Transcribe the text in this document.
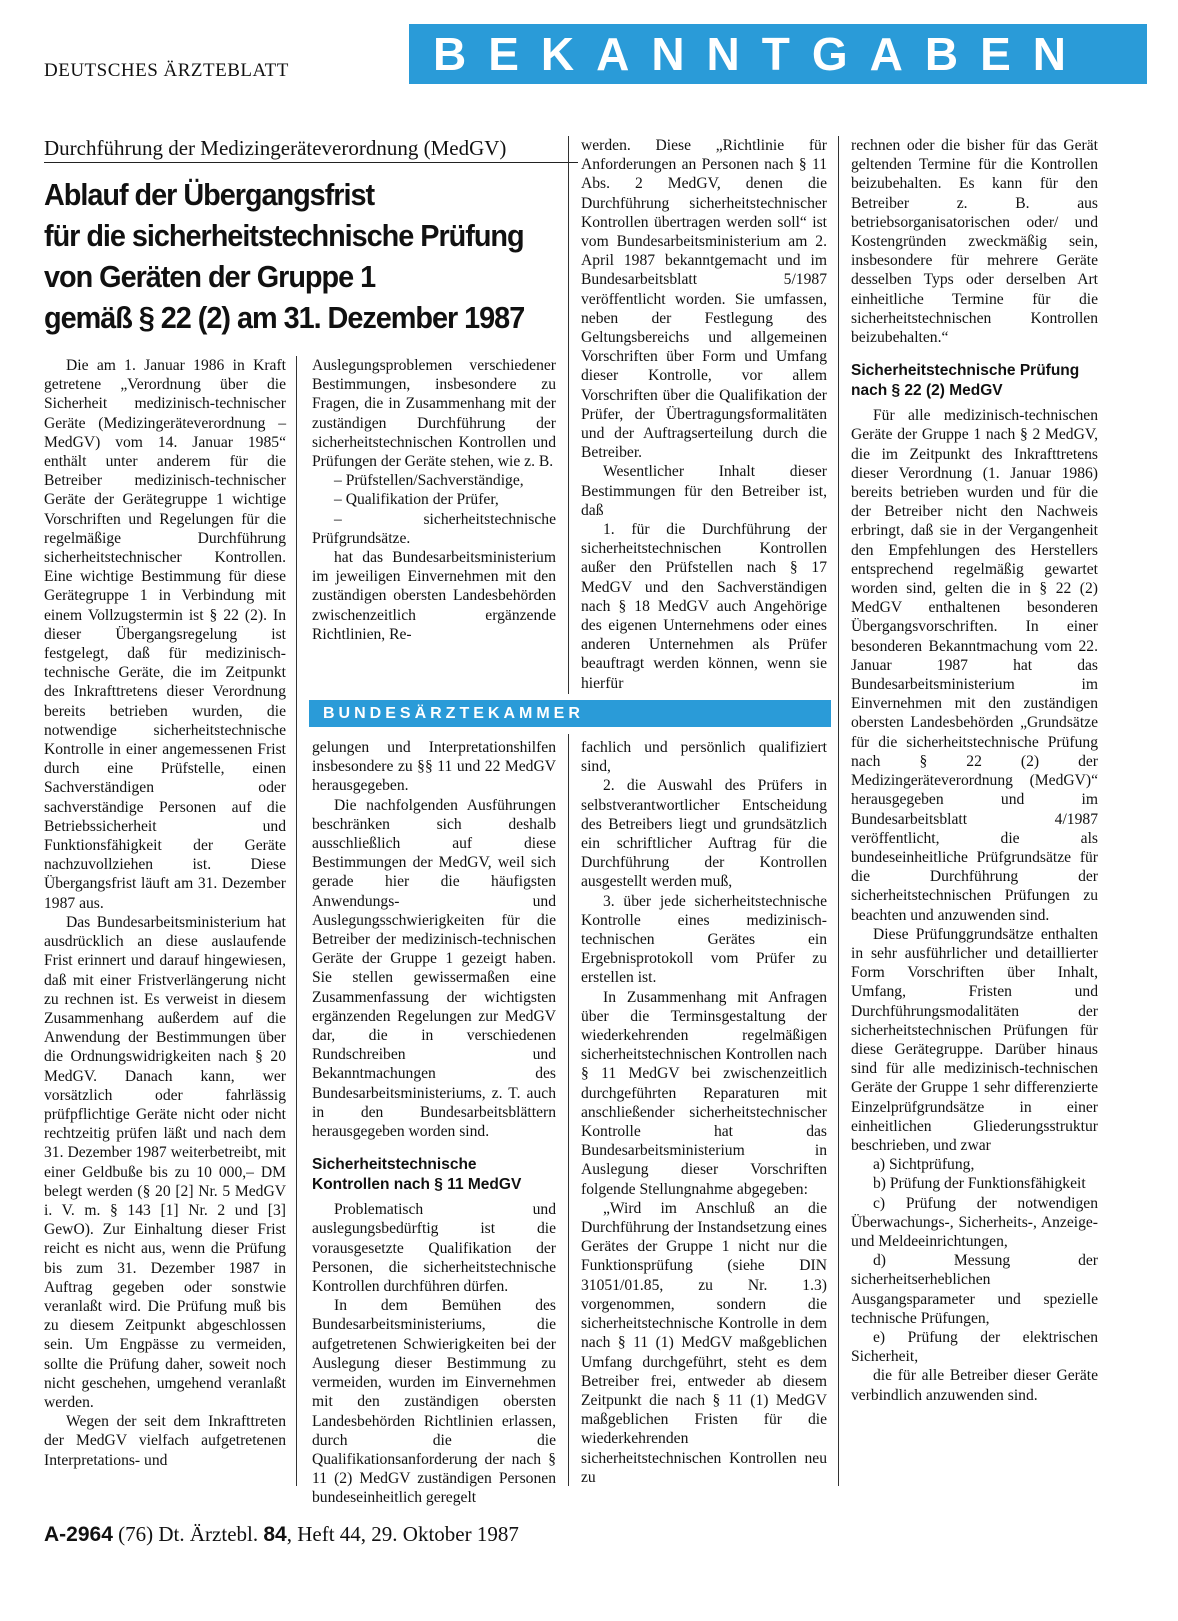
DEUTSCHES ÄRZTEBLATT	BEKANNTGABEN
Durchführung der Medizingeräteverordnung (MedGV)
Ablauf der Übergangsfrist
für die sicherheitstechnische Prüfung
von Geräten der Gruppe 1
gemäß § 22 (2) am 31. Dezember 1987

Die am 1. Januar 1986 in Kraft getretene „Verordnung über die Sicherheit medizinisch-technischer Geräte (Medizingeräteverordnung – MedGV) vom 14. Januar 1985“ enthält unter anderem für die Betreiber medizinisch-technischer Geräte der Gerätegruppe 1 wichtige Vorschriften und Regelungen für die regelmäßige Durchführung sicherheitstechnischer Kontrollen. Eine wichtige Bestimmung für diese Gerätegruppe 1 in Verbindung mit einem Vollzugstermin ist § 22 (2). In dieser Übergangsregelung ist festgelegt, daß für medizinisch-technische Geräte, die im Zeitpunkt des Inkrafttretens dieser Verordnung bereits betrieben wurden, die notwendige sicherheitstechnische Kontrolle in einer angemessenen Frist durch eine Prüfstelle, einen Sachverständigen oder sachverständige Personen auf die Betriebssicherheit und Funktionsfähigkeit der Geräte nachzuvollziehen ist. Diese Übergangsfrist läuft am 31. Dezember 1987 aus.

Das Bundesarbeitsministerium hat ausdrücklich an diese auslaufende Frist erinnert und darauf hingewiesen, daß mit einer Fristverlängerung nicht zu rechnen ist. Es verweist in diesem Zusammenhang außerdem auf die Anwendung der Bestimmungen über die Ordnungswidrigkeiten nach § 20 MedGV. Danach kann, wer vorsätzlich oder fahrlässig prüfpflichtige Geräte nicht oder nicht rechtzeitig prüfen läßt und nach dem 31. Dezember 1987 weiterbetreibt, mit einer Geldbuße bis zu 10 000,– DM belegt werden (§ 20 [2] Nr. 5 MedGV i. V. m. § 143 [1] Nr. 2 und [3] GewO). Zur Einhaltung dieser Frist reicht es nicht aus, wenn die Prüfung bis zum 31. Dezember 1987 in Auftrag gegeben oder sonstwie veranlaßt wird. Die Prüfung muß bis zu diesem Zeitpunkt abgeschlossen sein. Um Engpässe zu vermeiden, sollte die Prüfung daher, soweit noch nicht geschehen, umgehend veranlaßt werden.

Wegen der seit dem Inkrafttreten der MedGV vielfach aufgetretenen Interpretations- und

Auslegungsproblemen verschiedener Bestimmungen, insbesondere zu Fragen, die in Zusammenhang mit der zuständigen Durchführung der sicherheitstechnischen Kontrollen und Prüfungen der Geräte stehen, wie z. B.

– Prüfstellen/Sachverständige,
– Qualifikation der Prüfer,
– sicherheitstechnische Prüfgrundsätze.

hat das Bundesarbeitsministerium im jeweiligen Einvernehmen mit den zuständigen obersten Landesbehörden zwischenzeitlich ergänzende Richtlinien, Re-

werden. Diese „Richtlinie für Anforderungen an Personen nach § 11 Abs. 2 MedGV, denen die Durchführung sicherheitstechnischer Kontrollen übertragen werden soll“ ist vom Bundesarbeitsministerium am 2. April 1987 bekanntgemacht und im Bundesarbeitsblatt 5/1987 veröffentlicht worden. Sie umfassen, neben der Festlegung des Geltungsbereichs und allgemeinen Vorschriften über Form und Umfang dieser Kontrolle, vor allem Vorschriften über die Qualifikation der Prüfer, der Übertragungsformalitäten und der Auftragserteilung durch die Betreiber.

Wesentlicher Inhalt dieser Bestimmungen für den Betreiber ist, daß

1. für die Durchführung der sicherheitstechnischen Kontrollen außer den Prüfstellen nach § 17 MedGV und den Sachverständigen nach § 18 MedGV auch Angehörige des eigenen Unternehmens oder eines anderen Unternehmen als Prüfer beauftragt werden können, wenn sie hierfür

BUNDESÄRZTEKAMMER

gelungen und Interpretationshilfen insbesondere zu §§ 11 und 22 MedGV herausgegeben.

Die nachfolgenden Ausführungen beschränken sich deshalb ausschließlich auf diese Bestimmungen der MedGV, weil sich gerade hier die häufigsten Anwendungs- und Auslegungsschwierigkeiten für die Betreiber der medizinisch-technischen Geräte der Gruppe 1 gezeigt haben. Sie stellen gewissermaßen eine Zusammenfassung der wichtigsten ergänzenden Regelungen zur MedGV dar, die in verschiedenen Rundschreiben und Bekanntmachungen des Bundesarbeitsministeriums, z. T. auch in den Bundesarbeitsblättern herausgegeben worden sind.

Sicherheitstechnische Kontrollen nach § 11 MedGV

Problematisch und auslegungsbedürftig ist die vorausgesetzte Qualifikation der Personen, die sicherheitstechnische Kontrollen durchführen dürfen.

In dem Bemühen des Bundesarbeitsministeriums, die aufgetretenen Schwierigkeiten bei der Auslegung dieser Bestimmung zu vermeiden, wurden im Einvernehmen mit den zuständigen obersten Landesbehörden Richtlinien erlassen, durch die die Qualifikationsanforderung der nach § 11 (2) MedGV zuständigen Personen bundeseinheitlich geregelt

fachlich und persönlich qualifiziert sind,

2. die Auswahl des Prüfers in selbstverantwortlicher Entscheidung des Betreibers liegt und grundsätzlich ein schriftlicher Auftrag für die Durchführung der Kontrollen ausgestellt werden muß,

3. über jede sicherheitstechnische Kontrolle eines medizinisch-technischen Gerätes ein Ergebnisprotokoll vom Prüfer zu erstellen ist.

In Zusammenhang mit Anfragen über die Terminsgestaltung der wiederkehrenden regelmäßigen sicherheitstechnischen Kontrollen nach § 11 MedGV bei zwischenzeitlich durchgeführten Reparaturen mit anschließender sicherheitstechnischer Kontrolle hat das Bundesarbeitsministerium in Auslegung dieser Vorschriften folgende Stellungnahme abgegeben:

„Wird im Anschluß an die Durchführung der Instandsetzung eines Gerätes der Gruppe 1 nicht nur die Funktionsprüfung (siehe DIN 31051/01.85, zu Nr. 1.3) vorgenommen, sondern die sicherheitstechnische Kontrolle in dem nach § 11 (1) MedGV maßgeblichen Umfang durchgeführt, steht es dem Betreiber frei, entweder ab diesem Zeitpunkt die nach § 11 (1) MedGV maßgeblichen Fristen für die wiederkehrenden sicherheitstechnischen Kontrollen neu zu

rechnen oder die bisher für das Gerät geltenden Termine für die Kontrollen beizubehalten. Es kann für den Betreiber z. B. aus betriebsorganisatorischen oder/ und Kostengründen zweckmäßig sein, insbesondere für mehrere Geräte desselben Typs oder derselben Art einheitliche Termine für die sicherheitstechnischen Kontrollen beizubehalten.“

Sicherheitstechnische Prüfung nach § 22 (2) MedGV

Für alle medizinisch-technischen Geräte der Gruppe 1 nach § 2 MedGV, die im Zeitpunkt des Inkrafttretens dieser Verordnung (1. Januar 1986) bereits betrieben wurden und für die der Betreiber nicht den Nachweis erbringt, daß sie in der Vergangenheit den Empfehlungen des Herstellers entsprechend regelmäßig gewartet worden sind, gelten die in § 22 (2) MedGV enthaltenen besonderen Übergangsvorschriften. In einer besonderen Bekanntmachung vom 22. Januar 1987 hat das Bundesarbeitsministerium im Einvernehmen mit den zuständigen obersten Landesbehörden „Grundsätze für die sicherheitstechnische Prüfung nach § 22 (2) der Medizingeräteverordnung (MedGV)“ herausgegeben und im Bundesarbeitsblatt 4/1987 veröffentlicht, die als bundeseinheitliche Prüfgrundsätze für die Durchführung der sicherheitstechnischen Prüfungen zu beachten und anzuwenden sind.

Diese Prüfunggrundsätze enthalten in sehr ausführlicher und detaillierter Form Vorschriften über Inhalt, Umfang, Fristen und Durchführungsmodalitäten der sicherheitstechnischen Prüfungen für diese Gerätegruppe. Darüber hinaus sind für alle medizinisch-technischen Geräte der Gruppe 1 sehr differenzierte Einzelprüfgrundsätze in einer einheitlichen Gliederungsstruktur beschrieben, und zwar

a) Sichtprüfung,
b) Prüfung der Funktionsfähigkeit
c) Prüfung der notwendigen Überwachungs-, Sicherheits-, Anzeige- und Meldeeinrichtungen,
d) Messung der sicherheitserheblichen Ausgangsparameter und spezielle technische Prüfungen,
e) Prüfung der elektrischen Sicherheit,

die für alle Betreiber dieser Geräte verbindlich anzuwenden sind.

A-2964 (76) Dt. Ärztebl. 84, Heft 44, 29. Oktober 1987
